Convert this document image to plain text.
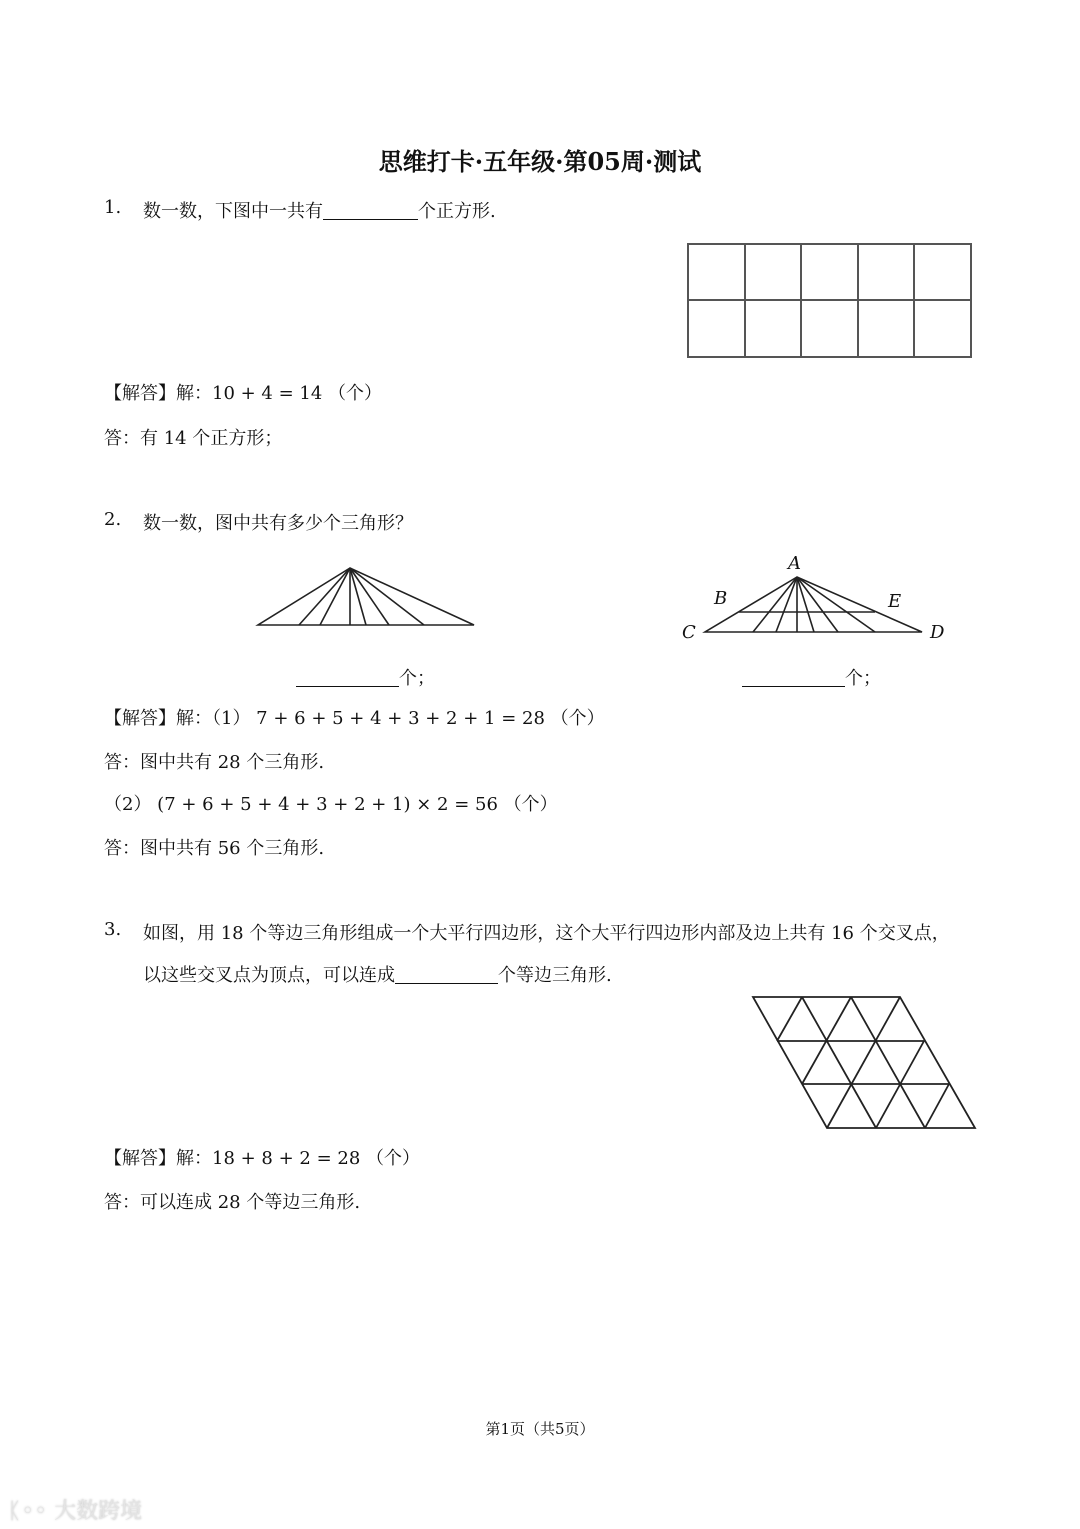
思维打卡·五年级·第05周·测试
1. 数一数，下图中一共有	个正方形.
【解答】解：10 + 4 = 14 （个）
答：有 14 个正方形；
2. 数一数，图中共有多少个三角形？
个；	个；
【解答】解：（1） 7 + 6 + 5 + 4 + 3 + 2 + 1 = 28 （个）
答：图中共有 28 个三角形.
（2） (7 + 6 + 5 + 4 + 3 + 2 + 1) × 2 = 56 （个）
答：图中共有 56 个三角形.
3. 如图，用 18 个等边三角形组成一个大平行四边形，这个大平行四边形内部及边上共有 16 个交叉点，
以这些交叉点为顶点，可以连成	个等边三角形.
【解答】解：18 + 8 + 2 = 28 （个）
答：可以连成 28 个等边三角形.
A
B
C	D
E
第1页（共5页）
ᛕ◦◦ 大数跨境
